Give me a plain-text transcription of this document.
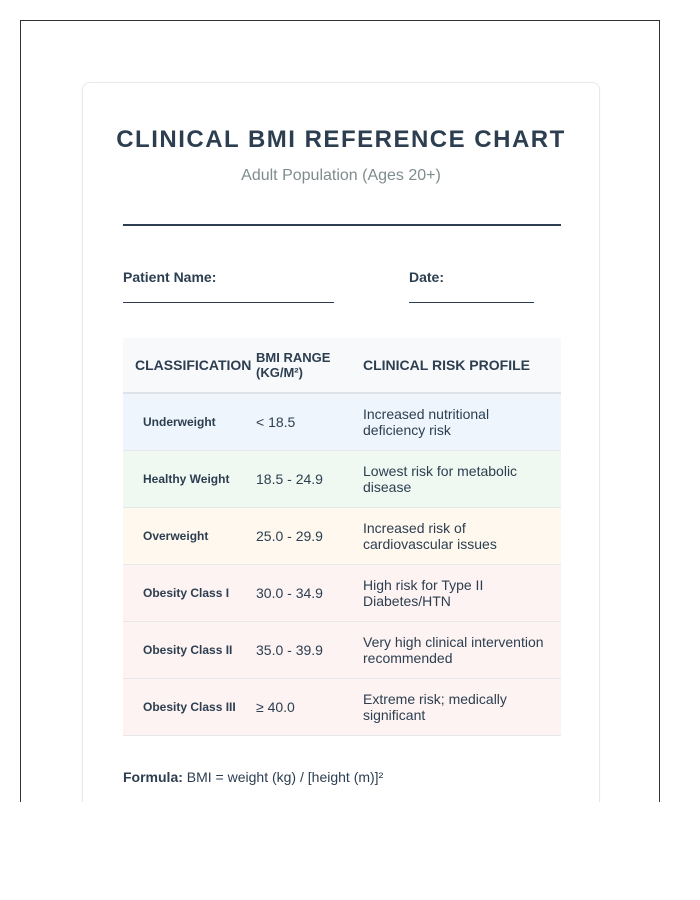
CLINICAL BMI REFERENCE CHART

Adult Population (Ages 20+)

Patient Name:	Date:
CLASSIFICATION	BMI RANGE (KG/M²)	CLINICAL RISK PROFILE
Underweight	< 18.5	Increased nutritional deficiency risk
Healthy Weight	18.5 - 24.9	Lowest risk for metabolic disease
Overweight	25.0 - 29.9	Increased risk of cardiovascular issues
Obesity Class I	30.0 - 34.9	High risk for Type II Diabetes/HTN
Obesity Class II	35.0 - 39.9	Very high clinical intervention recommended
Obesity Class III	≥ 40.0	Extreme risk; medically significant
Formula: BMI = weight (kg) / [height (m)]²
